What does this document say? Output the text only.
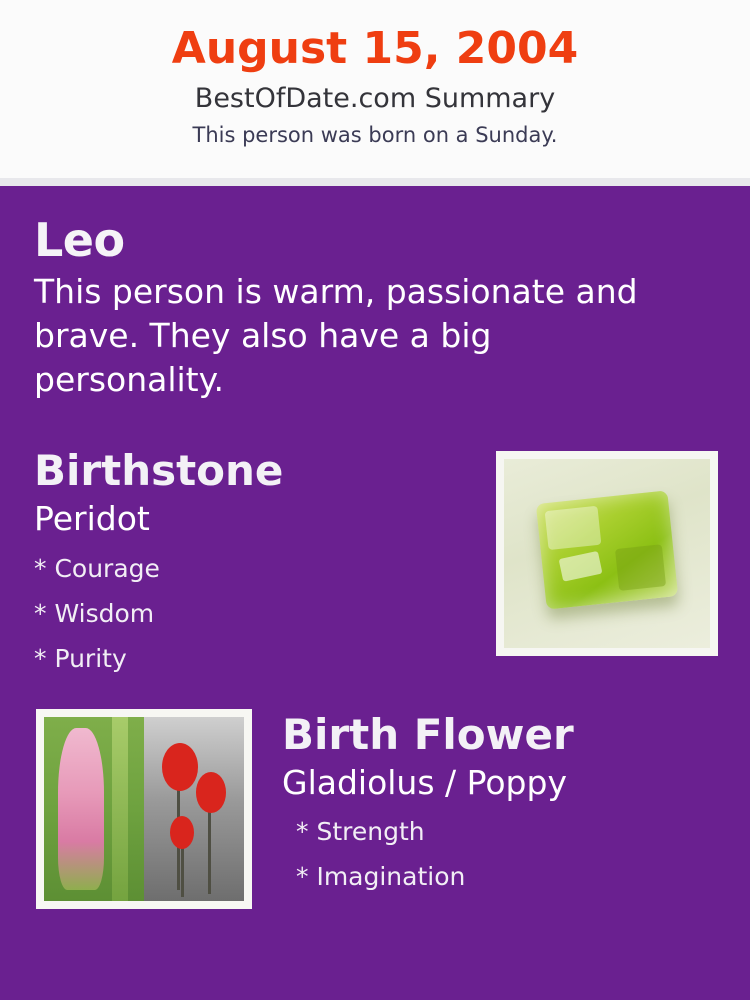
August 15, 2004
BestOfDate.com Summary
This person was born on a Sunday.
Leo
This person is warm, passionate and brave. They also have a big personality.
Birthstone
Peridot
* Courage
* Wisdom
* Purity
Birth Flower
Gladiolus / Poppy
* Strength
* Imagination
